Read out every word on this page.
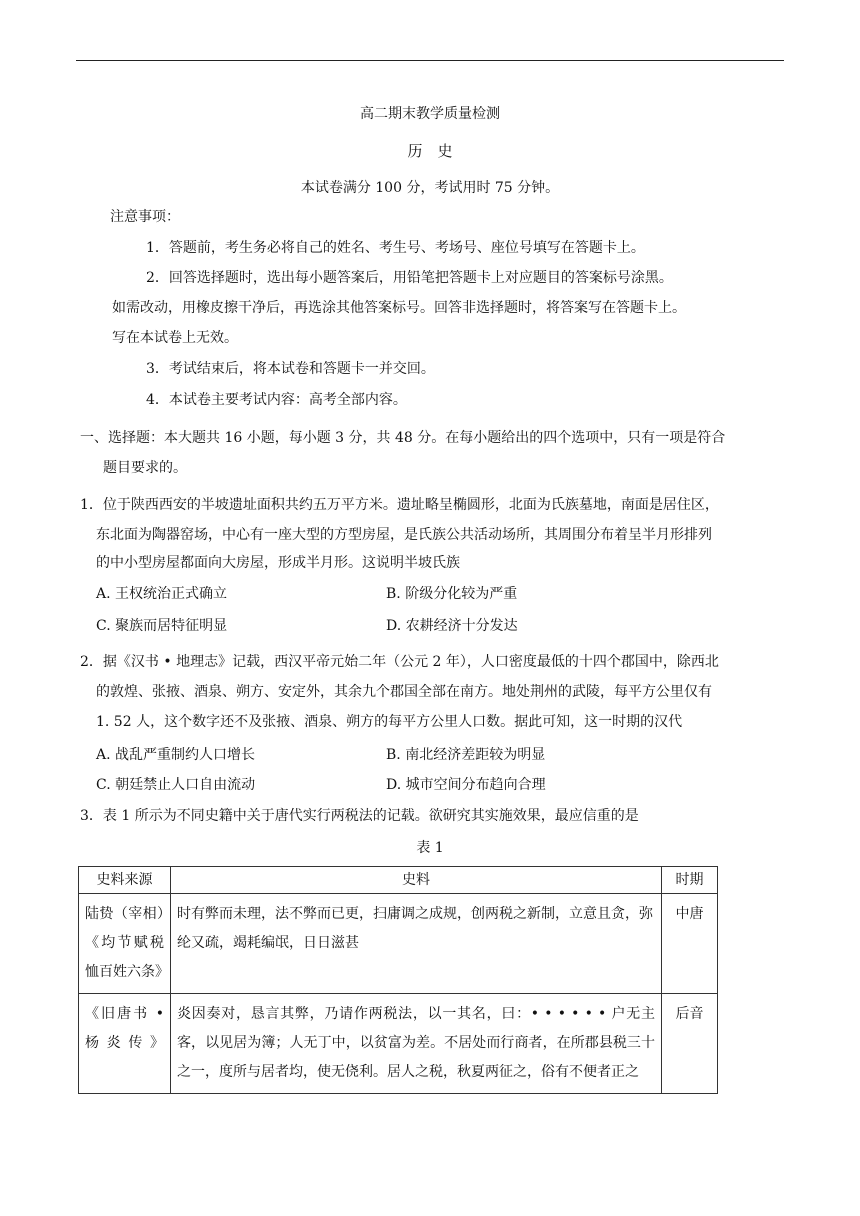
高二期末教学质量检测
历　史
本试卷满分 100 分，考试用时 75 分钟。
注意事项：
1．答题前，考生务必将自己的姓名、考生号、考场号、座位号填写在答题卡上。
2．回答选择题时，选出每小题答案后，用铅笔把答题卡上对应题目的答案标号涂黑。
如需改动，用橡皮擦干净后，再选涂其他答案标号。回答非选择题时，将答案写在答题卡上。
写在本试卷上无效。
3．考试结束后，将本试卷和答题卡一并交回。
4．本试卷主要考试内容：高考全部内容。
一、选择题：本大题共 16 小题，每小题 3 分，共 48 分。在每小题给出的四个选项中，只有一项是符合
题目要求的。
1．位于陕西西安的半坡遗址面积共约五万平方米。遗址略呈椭圆形，北面为氏族墓地，南面是居住区，
东北面为陶器窑场，中心有一座大型的方型房屋，是氏族公共活动场所，其周围分布着呈半月形排列
的中小型房屋都面向大房屋，形成半月形。这说明半坡氏族
A. 王权统治正式确立	B. 阶级分化较为严重
C. 聚族而居特征明显	D. 农耕经济十分发达
2．据《汉书 • 地理志》记载，西汉平帝元始二年（公元 2 年），人口密度最低的十四个郡国中，除西北
的敦煌、张掖、酒泉、朔方、安定外，其余九个郡国全部在南方。地处荆州的武陵，每平方公里仅有
1. 52 人，这个数字还不及张掖、酒泉、朔方的每平方公里人口数。据此可知，这一时期的汉代
A. 战乱严重制约人口增长	B. 南北经济差距较为明显
C. 朝廷禁止人口自由流动	D. 城市空间分布趋向合理
3．表 1 所示为不同史籍中关于唐代实行两税法的记载。欲研究其实施效果，最应信重的是
表 1
史料来源	史料	时期
陆贽（宰相）《均节赋税恤百姓六条》	时有弊而未理，法不弊而已更，扫庸调之成规，创两税之新制，立意且贪，弥纶又疏，竭耗编氓，日日滋甚	中唐
《旧唐书 • 杨炎传》	炎因奏对，恳言其弊，乃请作两税法，以一其名，曰：• • • • • • 户无主客，以见居为簿；人无丁中，以贫富为差。不居处而行商者，在所郡县税三十之一，度所与居者均，使无侥利。居人之税，秋夏两征之，俗有不便者正之	后音
